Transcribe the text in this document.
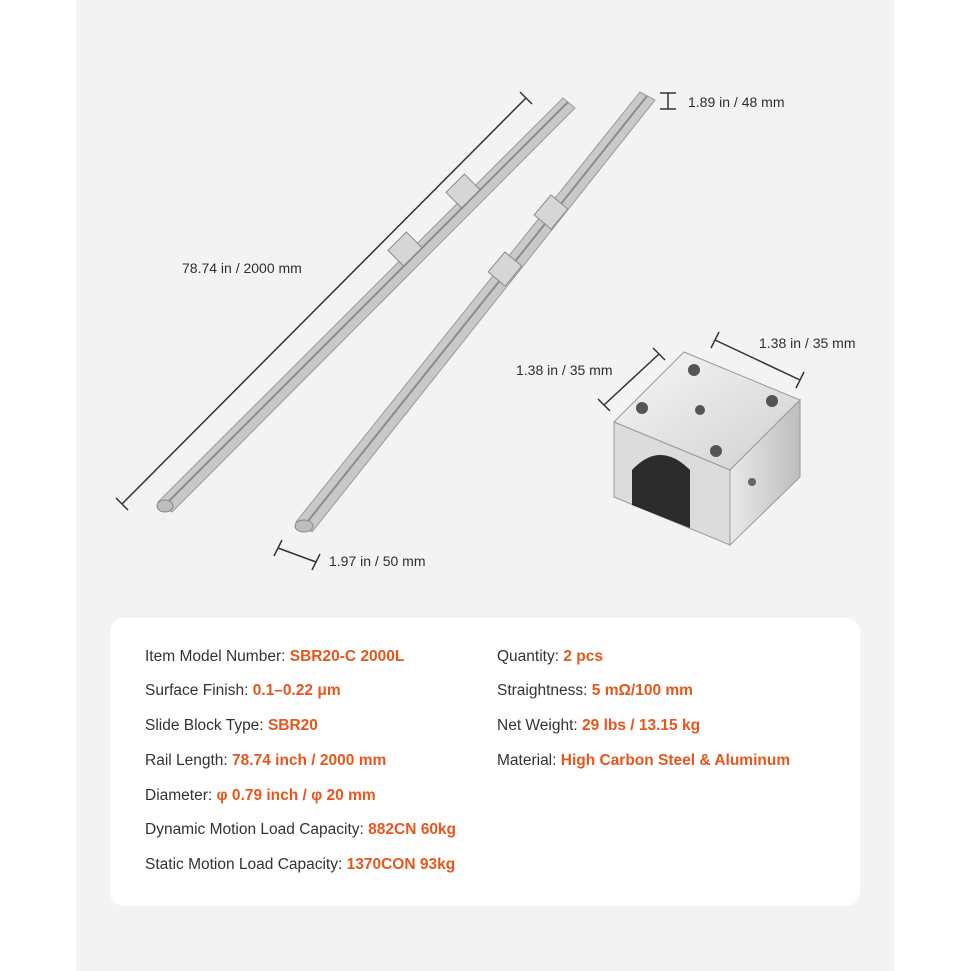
78.74 in / 2000 mm
1.89 in / 48 mm
1.97 in / 50 mm
1.38 in / 35 mm
1.38 in / 35 mm
Item Model Number: SBR20-C 2000L
Surface Finish: 0.1–0.22 μm
Slide Block Type: SBR20
Rail Length: 78.74 inch / 2000 mm
Diameter: φ 0.79 inch / φ 20 mm
Dynamic Motion Load Capacity: 882CN 60kg
Static Motion Load Capacity: 1370CON 93kg
Quantity: 2 pcs
Straightness: 5 mΩ/100 mm
Net Weight: 29 lbs / 13.15 kg
Material: High Carbon Steel & Aluminum
